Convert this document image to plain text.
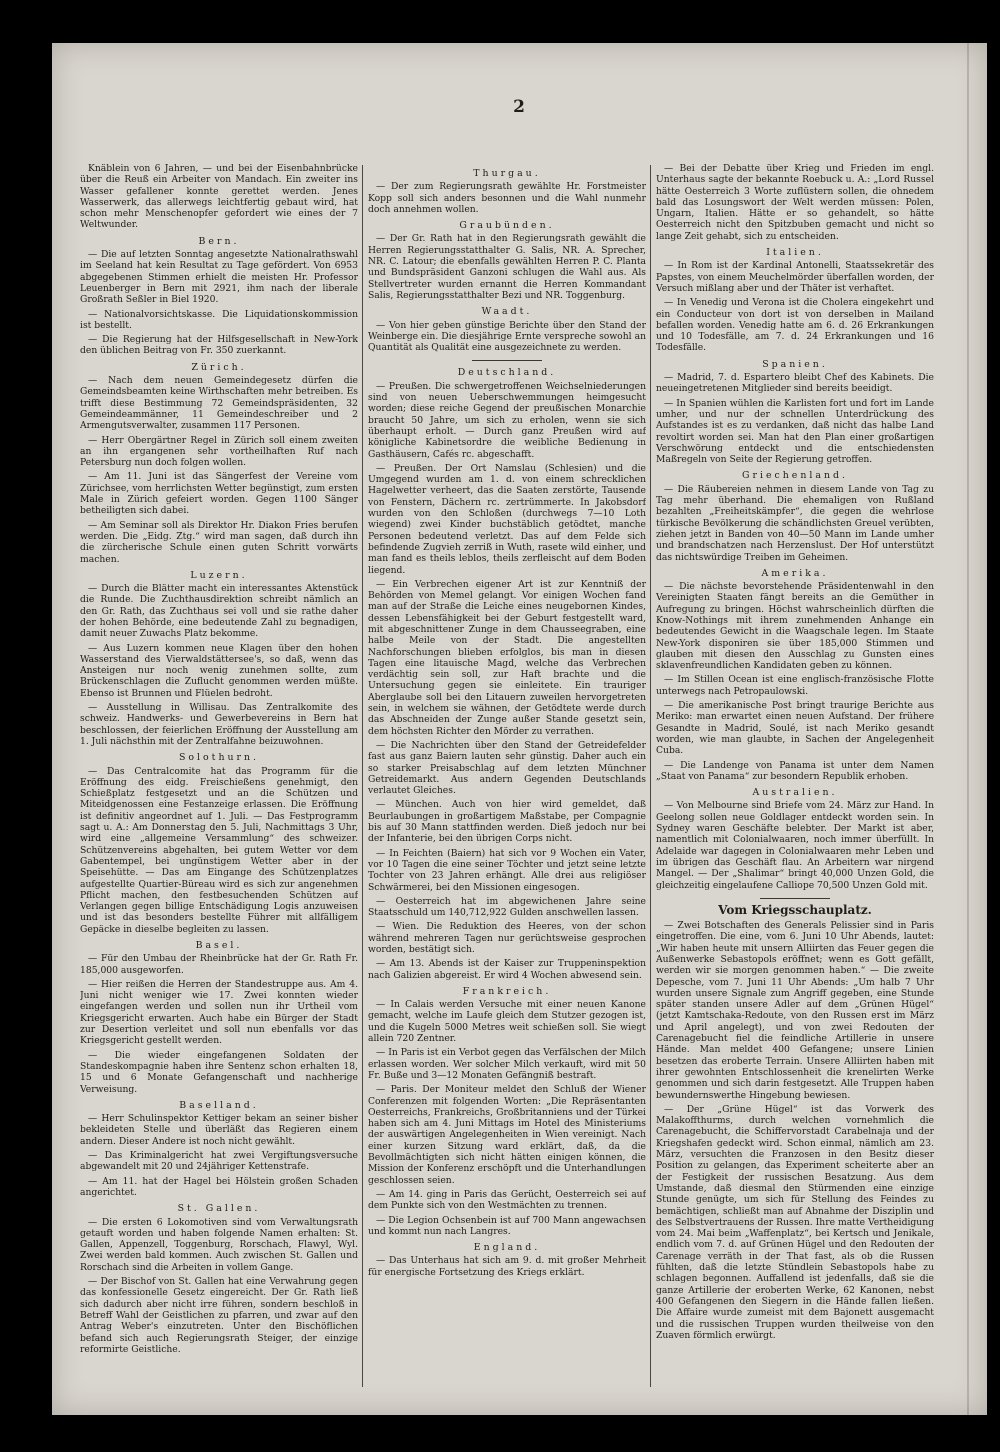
2
Knäblein von 6 Jahren, — und bei der Eisenbahnbrücke über die Reuß ein Arbeiter von Mandach. Ein zweiter ins Wasser gefallener konnte gerettet werden. Jenes Wasserwerk, das allerwegs leichtfertig gebaut wird, hat schon mehr Menschenopfer gefordert wie eines der 7 Weltwunder.
Bern.
— Die auf letzten Sonntag angesetzte Nationalrathswahl im Seeland hat kein Resultat zu Tage gefördert. Von 6953 abgegebenen Stimmen erhielt die meisten Hr. Professor Leuenberger in Bern mit 2921, ihm nach der liberale Großrath Seßler in Biel 1920.
— Nationalvorsichtskasse. Die Liquidationskommission ist bestellt.
— Die Regierung hat der Hilfsgesellschaft in New-York den üblichen Beitrag von Fr. 350 zuerkannt.
Zürich.
— Nach dem neuen Gemeindegesetz dürfen die Gemeindsbeamten keine Wirthschaften mehr betreiben. Es trifft diese Bestimmung 72 Gemeindspräsidenten, 32 Gemeindeammänner, 11 Gemeindeschreiber und 2 Armengutsverwalter, zusammen 117 Personen.
— Herr Obergärtner Regel in Zürich soll einem zweiten an ihn ergangenen sehr vortheilhaften Ruf nach Petersburg nun doch folgen wollen.
— Am 11. Juni ist das Sängerfest der Vereine vom Zürichsee, vom herrlichsten Wetter begünstigt, zum ersten Male in Zürich gefeiert worden. Gegen 1100 Sänger betheiligten sich dabei.
— Am Seminar soll als Direktor Hr. Diakon Fries berufen werden. Die „Eidg. Ztg.“ wird man sagen, daß durch ihn die zürcherische Schule einen guten Schritt vorwärts machen.
Luzern.
— Durch die Blätter macht ein interessantes Aktenstück die Runde. Die Zuchthausdirektion schreibt nämlich an den Gr. Rath, das Zuchthaus sei voll und sie rathe daher der hohen Behörde, eine bedeutende Zahl zu begnadigen, damit neuer Zuwachs Platz bekomme.
— Aus Luzern kommen neue Klagen über den hohen Wasserstand des Vierwaldstättersee's, so daß, wenn das Ansteigen nur noch wenig zunehmen sollte, zum Brückenschlagen die Zuflucht genommen werden müßte. Ebenso ist Brunnen und Flüelen bedroht.
— Ausstellung in Willisau. Das Zentralkomite des schweiz. Handwerks- und Gewerbevereins in Bern hat beschlossen, der feierlichen Eröffnung der Ausstellung am 1. Juli nächsthin mit der Zentralfahne beizuwohnen.
Solothurn.
— Das Centralcomite hat das Programm für die Eröffnung des eidg. Freischießens genehmigt, den Schießplatz festgesetzt und an die Schützen und Miteidgenossen eine Festanzeige erlassen. Die Eröffnung ist definitiv angeordnet auf 1. Juli. — Das Festprogramm sagt u. A.: Am Donnerstag den 5. Juli, Nachmittags 3 Uhr, wird eine „allgemeine Versammlung“ des schweizer. Schützenvereins abgehalten, bei gutem Wetter vor dem Gabentempel, bei ungünstigem Wetter aber in der Speisehütte. — Das am Eingange des Schützenplatzes aufgestellte Quartier-Büreau wird es sich zur angenehmen Pflicht machen, den festbesuchenden Schützen auf Verlangen gegen billige Entschädigung Logis anzuweisen und ist das besonders bestellte Führer mit allfälligem Gepäcke in dieselbe begleiten zu lassen.
Basel.
— Für den Umbau der Rheinbrücke hat der Gr. Rath Fr. 185,000 ausgeworfen.
— Hier reißen die Herren der Standestruppe aus. Am 4. Juni nicht weniger wie 17. Zwei konnten wieder eingefangen werden und sollen nun ihr Urtheil vom Kriegsgericht erwarten. Auch habe ein Bürger der Stadt zur Desertion verleitet und soll nun ebenfalls vor das Kriegsgericht gestellt werden.
— Die wieder eingefangenen Soldaten der Standeskompagnie haben ihre Sentenz schon erhalten 18, 15 und 6 Monate Gefangenschaft und nachherige Verweisung.
Baselland.
— Herr Schulinspektor Kettiger bekam an seiner bisher bekleideten Stelle und überläßt das Regieren einem andern. Dieser Andere ist noch nicht gewählt.
— Das Kriminalgericht hat zwei Vergiftungsversuche abgewandelt mit 20 und 24jähriger Kettenstrafe.
— Am 11. hat der Hagel bei Hölstein großen Schaden angerichtet.
St. Gallen.
— Die ersten 6 Lokomotiven sind vom Verwaltungsrath getauft worden und haben folgende Namen erhalten: St. Gallen, Appenzell, Toggenburg, Rorschach, Flawyl, Wyl. Zwei werden bald kommen. Auch zwischen St. Gallen und Rorschach sind die Arbeiten in vollem Gange.
— Der Bischof von St. Gallen hat eine Verwahrung gegen das konfessionelle Gesetz eingereicht. Der Gr. Rath ließ sich dadurch aber nicht irre führen, sondern beschloß in Betreff Wahl der Geistlichen zu pfarren, und zwar auf den Antrag Weber's einzutreten. Unter den Bischöflichen befand sich auch Regierungsrath Steiger, der einzige reformirte Geistliche.
Thurgau.
— Der zum Regierungsrath gewählte Hr. Forstmeister Kopp soll sich anders besonnen und die Wahl nunmehr doch annehmen wollen.
Graubünden.
— Der Gr. Rath hat in den Regierungsrath gewählt die Herren Regierungsstatthalter G. Salis, NR. A. Sprecher, NR. C. Latour; die ebenfalls gewählten Herren P. C. Planta und Bundspräsident Ganzoni schlugen die Wahl aus. Als Stellvertreter wurden ernannt die Herren Kommandant Salis, Regierungsstatthalter Bezi und NR. Toggenburg.
Waadt.
— Von hier geben günstige Berichte über den Stand der Weinberge ein. Die diesjährige Ernte verspreche sowohl an Quantität als Qualität eine ausgezeichnete zu werden.
Deutschland.
— Preußen. Die schwergetroffenen Weichselniederungen sind von neuen Ueberschwemmungen heimgesucht worden; diese reiche Gegend der preußischen Monarchie braucht 50 Jahre, um sich zu erholen, wenn sie sich überhaupt erholt. — Durch ganz Preußen wird auf königliche Kabinetsordre die weibliche Bedienung in Gasthäusern, Cafés rc. abgeschafft.
— Preußen. Der Ort Namslau (Schlesien) und die Umgegend wurden am 1. d. von einem schrecklichen Hagelwetter verheert, das die Saaten zerstörte, Tausende von Fenstern, Dächern rc. zertrümmerte. In Jakobsdorf wurden von den Schloßen (durchwegs 7—10 Loth wiegend) zwei Kinder buchstäblich getödtet, manche Personen bedeutend verletzt. Das auf dem Felde sich befindende Zugvieh zerriß in Wuth, rasete wild einher, und man fand es theils leblos, theils zerfleischt auf dem Boden liegend.
— Ein Verbrechen eigener Art ist zur Kenntniß der Behörden von Memel gelangt. Vor einigen Wochen fand man auf der Straße die Leiche eines neugebornen Kindes, dessen Lebensfähigkeit bei der Geburt festgestellt ward, mit abgeschnittener Zunge in dem Chausseegraben, eine halbe Meile von der Stadt. Die angestellten Nachforschungen blieben erfolglos, bis man in diesen Tagen eine litauische Magd, welche das Verbrechen verdächtig sein soll, zur Haft brachte und die Untersuchung gegen sie einleitete. Ein trauriger Aberglaube soll bei den Litauern zuweilen hervorgetreten sein, in welchem sie wähnen, der Getödtete werde durch das Abschneiden der Zunge außer Stande gesetzt sein, dem höchsten Richter den Mörder zu verrathen.
— Die Nachrichten über den Stand der Getreidefelder fast aus ganz Baiern lauten sehr günstig. Daher auch ein so starker Preisabschlag auf dem letzten Münchner Getreidemarkt. Aus andern Gegenden Deutschlands verlautet Gleiches.
— München. Auch von hier wird gemeldet, daß Beurlaubungen in großartigem Maßstabe, per Compagnie bis auf 30 Mann stattfinden werden. Dieß jedoch nur bei der Infanterie, bei den übrigen Corps nicht.
— In Feichten (Baiern) hat sich vor 9 Wochen ein Vater, vor 10 Tagen die eine seiner Töchter und jetzt seine letzte Tochter von 23 Jahren erhängt. Alle drei aus religiöser Schwärmerei, bei den Missionen eingesogen.
— Oesterreich hat im abgewichenen Jahre seine Staatsschuld um 140,712,922 Gulden anschwellen lassen.
— Wien. Die Reduktion des Heeres, von der schon während mehreren Tagen nur gerüchtsweise gesprochen worden, bestätigt sich.
— Am 13. Abends ist der Kaiser zur Truppeninspektion nach Galizien abgereist. Er wird 4 Wochen abwesend sein.
Frankreich.
— In Calais werden Versuche mit einer neuen Kanone gemacht, welche im Laufe gleich dem Stutzer gezogen ist, und die Kugeln 5000 Metres weit schießen soll. Sie wiegt allein 720 Zentner.
— In Paris ist ein Verbot gegen das Verfälschen der Milch erlassen worden. Wer solcher Milch verkauft, wird mit 50 Fr. Buße und 3—12 Monaten Gefängniß bestraft.
— Paris. Der Moniteur meldet den Schluß der Wiener Conferenzen mit folgenden Worten: „Die Repräsentanten Oesterreichs, Frankreichs, Großbritanniens und der Türkei haben sich am 4. Juni Mittags im Hotel des Ministeriums der auswärtigen Angelegenheiten in Wien vereinigt. Nach einer kurzen Sitzung ward erklärt, daß, da die Bevollmächtigten sich nicht hätten einigen können, die Mission der Konferenz erschöpft und die Unterhandlungen geschlossen seien.
— Am 14. ging in Paris das Gerücht, Oesterreich sei auf dem Punkte sich von den Westmächten zu trennen.
— Die Legion Ochsenbein ist auf 700 Mann angewachsen und kommt nun nach Langres.
England.
— Das Unterhaus hat sich am 9. d. mit großer Mehrheit für energische Fortsetzung des Kriegs erklärt.
— Bei der Debatte über Krieg und Frieden im engl. Unterhaus sagte der bekannte Roebuck u. A.: „Lord Russel hätte Oesterreich 3 Worte zuflüstern sollen, die ohnedem bald das Losungswort der Welt werden müssen: Polen, Ungarn, Italien. Hätte er so gehandelt, so hätte Oesterreich nicht den Spitzbuben gemacht und nicht so lange Zeit gehabt, sich zu entscheiden.
Italien.
— In Rom ist der Kardinal Antonelli, Staatssekretär des Papstes, von einem Meuchelmörder überfallen worden, der Versuch mißlang aber und der Thäter ist verhaftet.
— In Venedig und Verona ist die Cholera eingekehrt und ein Conducteur von dort ist von derselben in Mailand befallen worden. Venedig hatte am 6. d. 26 Erkrankungen und 10 Todesfälle, am 7. d. 24 Erkrankungen und 16 Todesfälle.
Spanien.
— Madrid, 7. d. Espartero bleibt Chef des Kabinets. Die neueingetretenen Mitglieder sind bereits beeidigt.
— In Spanien wühlen die Karlisten fort und fort im Lande umher, und nur der schnellen Unterdrückung des Aufstandes ist es zu verdanken, daß nicht das halbe Land revoltirt worden sei. Man hat den Plan einer großartigen Verschwörung entdeckt und die entschiedensten Maßregeln von Seite der Regierung getroffen.
Griechenland.
— Die Räubereien nehmen in diesem Lande von Tag zu Tag mehr überhand. Die ehemaligen von Rußland bezahlten „Freiheitskämpfer“, die gegen die wehrlose türkische Bevölkerung die schändlichsten Greuel verübten, ziehen jetzt in Banden von 40—50 Mann im Lande umher und brandschatzen nach Herzenslust. Der Hof unterstützt das nichtswürdige Treiben im Geheimen.
Amerika.
— Die nächste bevorstehende Präsidentenwahl in den Vereinigten Staaten fängt bereits an die Gemüther in Aufregung zu bringen. Höchst wahrscheinlich dürften die Know-Nothings mit ihrem zunehmenden Anhange ein bedeutendes Gewicht in die Waagschale legen. Im Staate New-York disponiren sie über 185,000 Stimmen und glauben mit diesen den Ausschlag zu Gunsten eines sklavenfreundlichen Kandidaten geben zu können.
— Im Stillen Ocean ist eine englisch-französische Flotte unterwegs nach Petropaulowski.
— Die amerikanische Post bringt traurige Berichte aus Meriko: man erwartet einen neuen Aufstand. Der frühere Gesandte in Madrid, Soulé, ist nach Meriko gesandt worden, wie man glaubte, in Sachen der Angelegenheit Cuba.
— Die Landenge von Panama ist unter dem Namen „Staat von Panama“ zur besondern Republik erhoben.
Australien.
— Von Melbourne sind Briefe vom 24. März zur Hand. In Geelong sollen neue Goldlager entdeckt worden sein. In Sydney waren Geschäfte belebter. Der Markt ist aber, namentlich mit Colonialwaaren, noch immer überfüllt. In Adelaide war dagegen in Colonialwaaren mehr Leben und im übrigen das Geschäft flau. An Arbeitern war nirgend Mangel. — Der „Shalimar“ bringt 40,000 Unzen Gold, die gleichzeitig eingelaufene Calliope 70,500 Unzen Gold mit.
Vom Kriegsschauplatz.
— Zwei Botschaften des Generals Pelissier sind in Paris eingetroffen. Die eine, vom 6. Juni 10 Uhr Abends, lautet: „Wir haben heute mit unsern Alliirten das Feuer gegen die Außenwerke Sebastopols eröffnet; wenn es Gott gefällt, werden wir sie morgen genommen haben.“ — Die zweite Depesche, vom 7. Juni 11 Uhr Abends: „Um halb 7 Uhr wurden unsere Signale zum Angriff gegeben, eine Stunde später standen unsere Adler auf dem „Grünen Hügel“ (jetzt Kamtschaka-Redoute, von den Russen erst im März und April angelegt), und von zwei Redouten der Carenagebucht fiel die feindliche Artillerie in unsere Hände. Man meldet 400 Gefangene; unsere Linien besetzen das eroberte Terrain. Unsere Alliirten haben mit ihrer gewohnten Entschlossenheit die krenelirten Werke genommen und sich darin festgesetzt. Alle Truppen haben bewundernswerthe Hingebung bewiesen.
— Der „Grüne Hügel“ ist das Vorwerk des Malakoffthurms, durch welchen vornehmlich die Carenagebucht, die Schiffervorstadt Carabelnaja und der Kriegshafen gedeckt wird. Schon einmal, nämlich am 23. März, versuchten die Franzosen in den Besitz dieser Position zu gelangen, das Experiment scheiterte aber an der Festigkeit der russischen Besatzung. Aus dem Umstande, daß diesmal den Stürmenden eine einzige Stunde genügte, um sich für Stellung des Feindes zu bemächtigen, schließt man auf Abnahme der Disziplin und des Selbstvertrauens der Russen. Ihre matte Vertheidigung vom 24. Mai beim „Waffenplatz“, bei Kertsch und Jenikale, endlich vom 7. d. auf Grünen Hügel und den Redouten der Carenage verräth in der That fast, als ob die Russen fühlten, daß die letzte Stündlein Sebastopols habe zu schlagen begonnen. Auffallend ist jedenfalls, daß sie die ganze Artillerie der eroberten Werke, 62 Kanonen, nebst 400 Gefangenen den Siegern in die Hände fallen ließen. Die Affaire wurde zumeist mit dem Bajonett ausgemacht und die russischen Truppen wurden theilweise von den Zuaven förmlich erwürgt.
